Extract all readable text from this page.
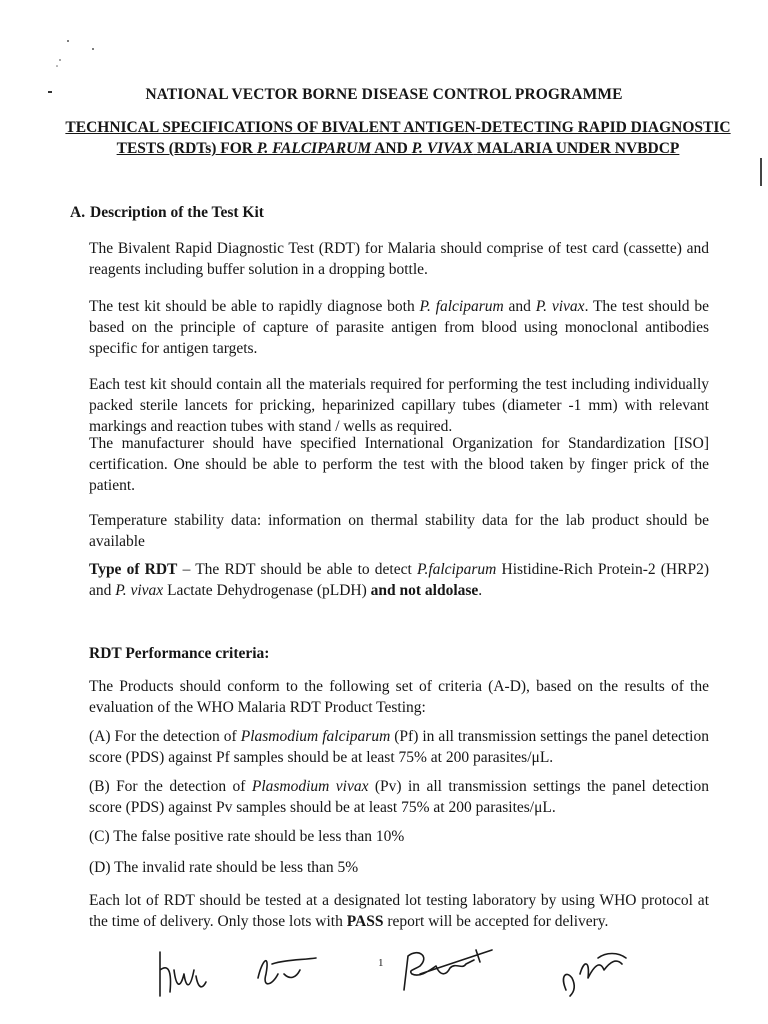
NATIONAL VECTOR BORNE DISEASE CONTROL PROGRAMME
TECHNICAL SPECIFICATIONS OF BIVALENT ANTIGEN-DETECTING RAPID DIAGNOSTIC TESTS (RDTs) FOR P. FALCIPARUM AND P. VIVAX MALARIA UNDER NVBDCP
A. Description of the Test Kit
The Bivalent Rapid Diagnostic Test (RDT) for Malaria should comprise of test card (cassette) and reagents including buffer solution in a dropping bottle.
The test kit should be able to rapidly diagnose both P. falciparum and P. vivax. The test should be based on the principle of capture of parasite antigen from blood using monoclonal antibodies specific for antigen targets.
Each test kit should contain all the materials required for performing the test including individually packed sterile lancets for pricking, heparinized capillary tubes (diameter -1 mm) with relevant markings and reaction tubes with stand / wells as required.
The manufacturer should have specified International Organization for Standardization [ISO] certification. One should be able to perform the test with the blood taken by finger prick of the patient.
Temperature stability data: information on thermal stability data for the lab product should be available
Type of RDT – The RDT should be able to detect P.falciparum Histidine-Rich Protein-2 (HRP2) and P. vivax Lactate Dehydrogenase (pLDH) and not aldolase.
RDT Performance criteria:
The Products should conform to the following set of criteria (A-D), based on the results of the evaluation of the WHO Malaria RDT Product Testing:
(A) For the detection of Plasmodium falciparum (Pf) in all transmission settings the panel detection score (PDS) against Pf samples should be at least 75% at 200 parasites/μL.
(B) For the detection of Plasmodium vivax (Pv) in all transmission settings the panel detection score (PDS) against Pv samples should be at least 75% at 200 parasites/μL.
(C) The false positive rate should be less than 10%
(D) The invalid rate should be less than 5%
Each lot of RDT should be tested at a designated lot testing laboratory by using WHO protocol at the time of delivery. Only those lots with PASS report will be accepted for delivery.
1
